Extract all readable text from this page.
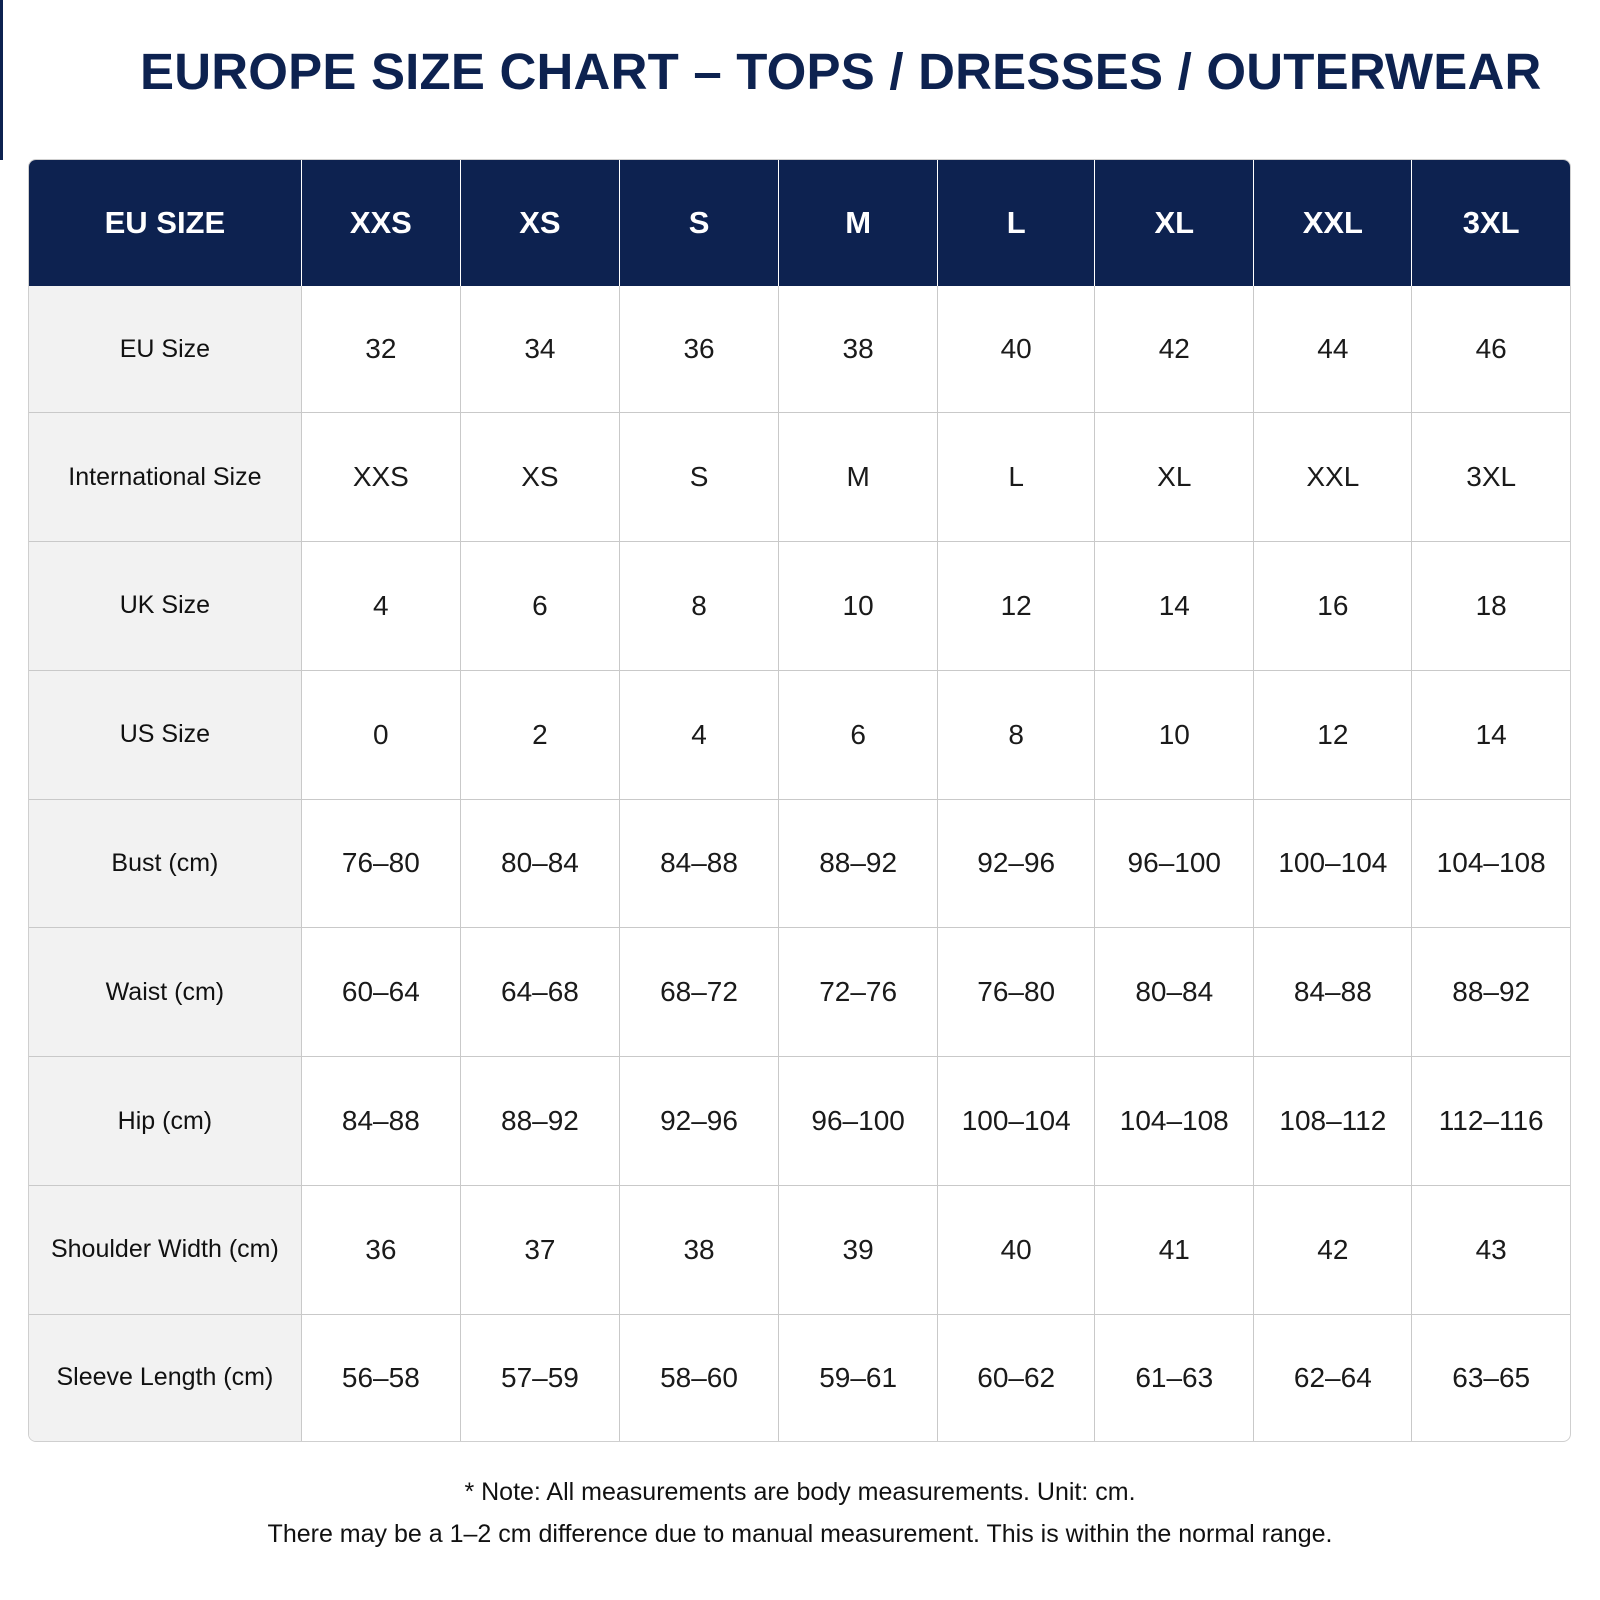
EUROPE SIZE CHART – TOPS / DRESSES / OUTERWEAR
EU SIZE	XXS	XS	S	M	L	XL	XXL	3XL
EU Size	32	34	36	38	40	42	44	46
International Size	XXS	XS	S	M	L	XL	XXL	3XL
UK Size	4	6	8	10	12	14	16	18
US Size	0	2	4	6	8	10	12	14
Bust (cm)	76–80	80–84	84–88	88–92	92–96	96–100	100–104	104–108
Waist (cm)	60–64	64–68	68–72	72–76	76–80	80–84	84–88	88–92
Hip (cm)	84–88	88–92	92–96	96–100	100–104	104–108	108–112	112–116
Shoulder Width (cm)	36	37	38	39	40	41	42	43
Sleeve Length (cm)	56–58	57–59	58–60	59–61	60–62	61–63	62–64	63–65
* Note: All measurements are body measurements. Unit: cm.
There may be a 1–2 cm difference due to manual measurement. This is within the normal range.
